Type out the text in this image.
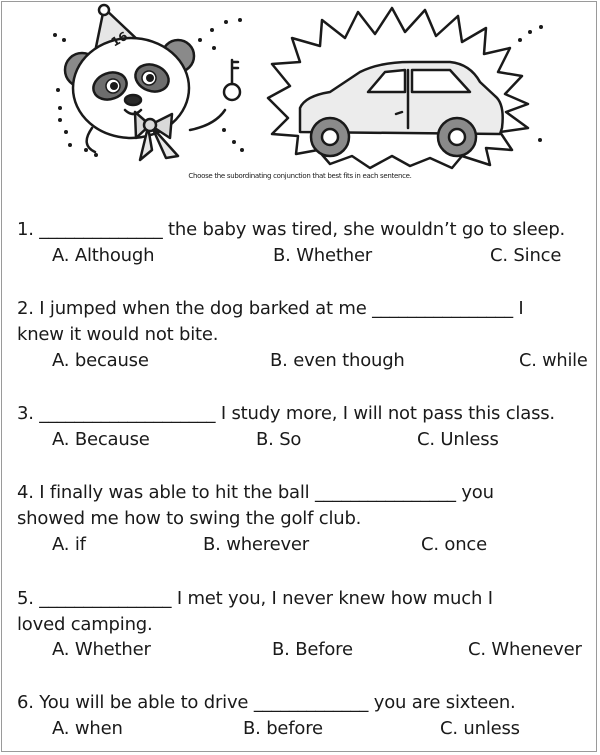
16
Choose the subordinating conjunction that best fits in each sentence.
1. ______________ the baby was tired, she wouldn’t go to sleep.
A. Although	B. Whether	C. Since
2. I jumped when the dog barked at me ________________ I
knew it would not bite.
A. because	B. even though	C. while
3. ____________________ I study more, I will not pass this class.
A. Because	B. So	C. Unless
4. I finally was able to hit the ball ________________ you
showed me how to swing the golf club.
A. if	B. wherever	C. once
5. _______________ I met you, I never knew how much I
loved camping.
A. Whether	B. Before	C. Whenever
6. You will be able to drive _____________ you are sixteen.
A. when	B. before	C. unless
